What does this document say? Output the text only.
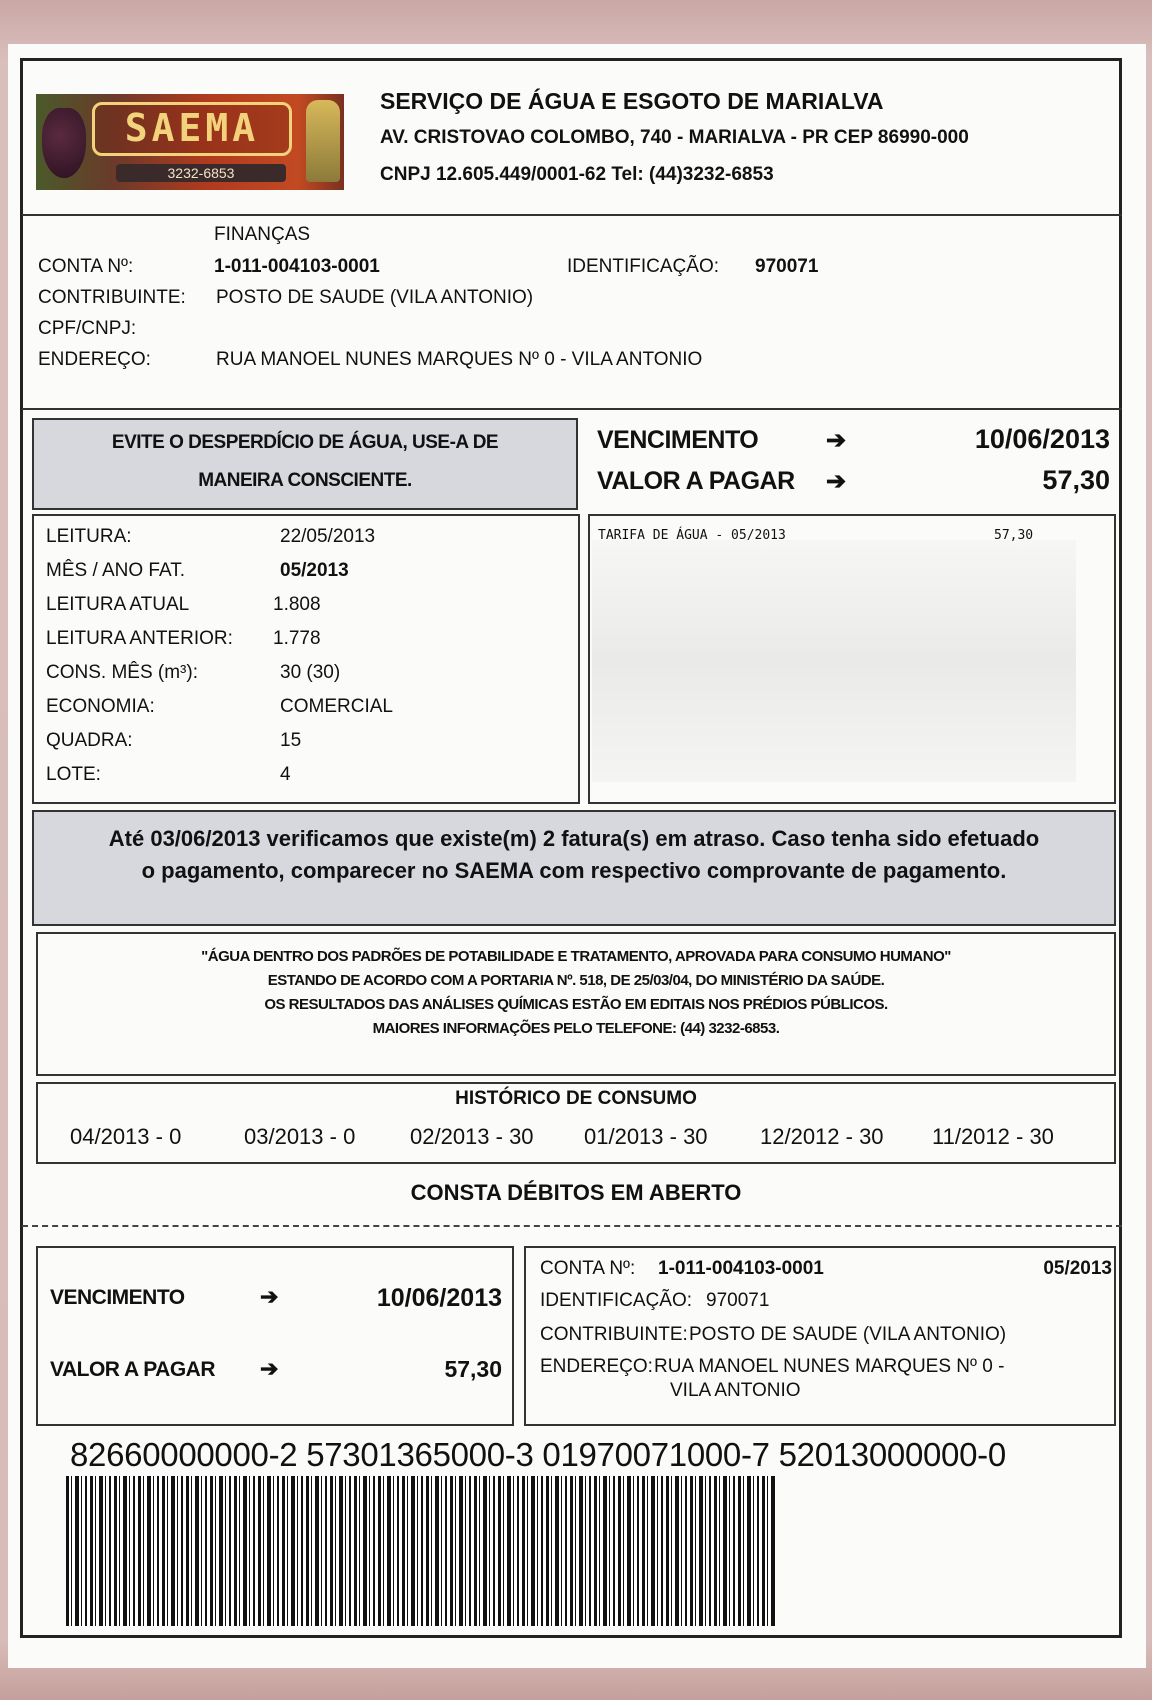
SAEMA
3232-6853
SERVIÇO DE ÁGUA E ESGOTO DE MARIALVA
AV. CRISTOVAO COLOMBO, 740 - MARIALVA - PR CEP 86990-000
CNPJ 12.605.449/0001-62 Tel: (44)3232-6853
FINANÇAS
CONTA Nº:	1-011-004103-0001	IDENTIFICAÇÃO: 970071
CONTRIBUINTE: POSTO DE SAUDE (VILA ANTONIO)
CPF/CNPJ:
ENDEREÇO:	RUA MANOEL NUNES MARQUES Nº 0 - VILA ANTONIO
EVITE O DESPERDÍCIO DE ÁGUA, USE-A DE
MANEIRA CONSCIENTE.
VENCIMENTO	➔	10/06/2013
VALOR A PAGAR ➔	57,30
LEITURA:	22/05/2013
MÊS / ANO FAT.	05/2013
LEITURA ATUAL	1.808
LEITURA ANTERIOR: 1.778
CONS. MÊS (m³):	30 (30)
ECONOMIA:	COMERCIAL
QUADRA:	15
LOTE:	4
TARIFA DE ÁGUA - 05/2013	57,30
Até 03/06/2013 verificamos que existe(m) 2 fatura(s) em atraso. Caso tenha sido efetuado
o pagamento, comparecer no SAEMA com respectivo comprovante de pagamento.
"ÁGUA DENTRO DOS PADRÕES DE POTABILIDADE E TRATAMENTO, APROVADA PARA CONSUMO HUMANO"
ESTANDO DE ACORDO COM A PORTARIA Nº. 518, DE 25/03/04, DO MINISTÉRIO DA SAÚDE.
OS RESULTADOS DAS ANÁLISES QUÍMICAS ESTÃO EM EDITAIS NOS PRÉDIOS PÚBLICOS.
MAIORES INFORMAÇÕES PELO TELEFONE: (44) 3232-6853.
HISTÓRICO DE CONSUMO
04/2013 - 0	03/2013 - 0 02/2013 - 30 01/2013 - 30 12/2012 - 30 11/2012 - 30
CONSTA DÉBITOS EM ABERTO
VENCIMENTO	➔	10/06/2013
VALOR A PAGAR ➔	57,30
CONTA Nº: 1-011-004103-0001	05/2013
IDENTIFICAÇÃO: 970071
CONTRIBUINTE: POSTO DE SAUDE (VILA ANTONIO)
ENDEREÇO: RUA MANOEL NUNES MARQUES Nº 0 -
VILA ANTONIO
82660000000-2 57301365000-3 01970071000-7 52013000000-0
